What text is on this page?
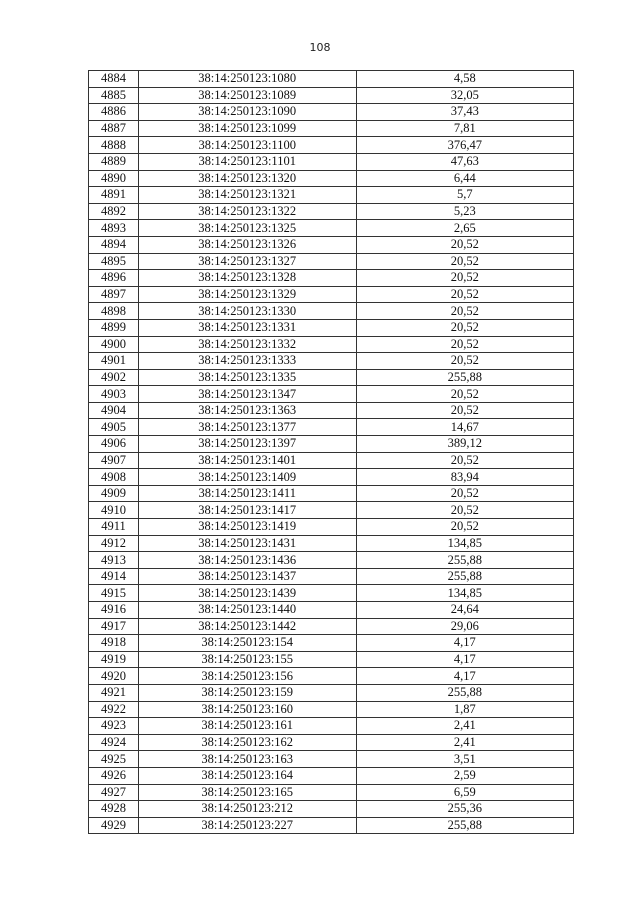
108
4884	38:14:250123:1080	4,58
4885	38:14:250123:1089	32,05
4886	38:14:250123:1090	37,43
4887	38:14:250123:1099	7,81
4888	38:14:250123:1100	376,47
4889	38:14:250123:1101	47,63
4890	38:14:250123:1320	6,44
4891	38:14:250123:1321	5,7
4892	38:14:250123:1322	5,23
4893	38:14:250123:1325	2,65
4894	38:14:250123:1326	20,52
4895	38:14:250123:1327	20,52
4896	38:14:250123:1328	20,52
4897	38:14:250123:1329	20,52
4898	38:14:250123:1330	20,52
4899	38:14:250123:1331	20,52
4900	38:14:250123:1332	20,52
4901	38:14:250123:1333	20,52
4902	38:14:250123:1335	255,88
4903	38:14:250123:1347	20,52
4904	38:14:250123:1363	20,52
4905	38:14:250123:1377	14,67
4906	38:14:250123:1397	389,12
4907	38:14:250123:1401	20,52
4908	38:14:250123:1409	83,94
4909	38:14:250123:1411	20,52
4910	38:14:250123:1417	20,52
4911	38:14:250123:1419	20,52
4912	38:14:250123:1431	134,85
4913	38:14:250123:1436	255,88
4914	38:14:250123:1437	255,88
4915	38:14:250123:1439	134,85
4916	38:14:250123:1440	24,64
4917	38:14:250123:1442	29,06
4918	38:14:250123:154	4,17
4919	38:14:250123:155	4,17
4920	38:14:250123:156	4,17
4921	38:14:250123:159	255,88
4922	38:14:250123:160	1,87
4923	38:14:250123:161	2,41
4924	38:14:250123:162	2,41
4925	38:14:250123:163	3,51
4926	38:14:250123:164	2,59
4927	38:14:250123:165	6,59
4928	38:14:250123:212	255,36
4929	38:14:250123:227	255,88
